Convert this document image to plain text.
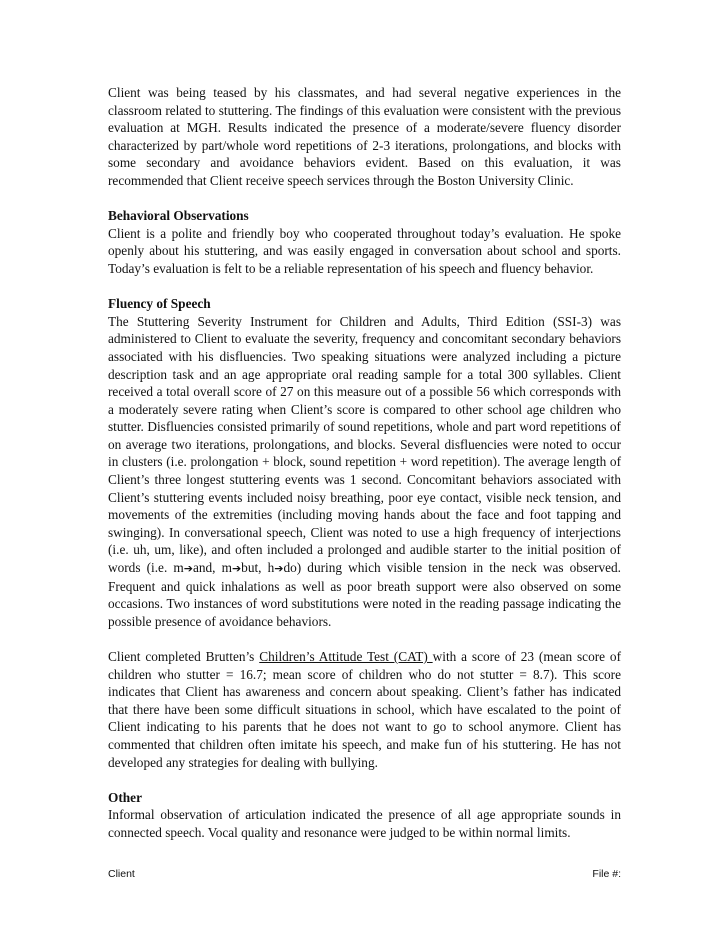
Client was being teased by his classmates, and had several negative experiences in the classroom related to stuttering. The findings of this evaluation were consistent with the previous evaluation at MGH. Results indicated the presence of a moderate/severe fluency disorder characterized by part/whole word repetitions of 2-3 iterations, prolongations, and blocks with some secondary and avoidance behaviors evident. Based on this evaluation, it was recommended that Client receive speech services through the Boston University Clinic.

Behavioral Observations

Client is a polite and friendly boy who cooperated throughout today’s evaluation. He spoke openly about his stuttering, and was easily engaged in conversation about school and sports. Today’s evaluation is felt to be a reliable representation of his speech and fluency behavior.

Fluency of Speech

The Stuttering Severity Instrument for Children and Adults, Third Edition (SSI-3) was administered to Client to evaluate the severity, frequency and concomitant secondary behaviors associated with his disfluencies. Two speaking situations were analyzed including a picture description task and an age appropriate oral reading sample for a total 300 syllables. Client received a total overall score of 27 on this measure out of a possible 56 which corresponds with a moderately severe rating when Client’s score is compared to other school age children who stutter. Disfluencies consisted primarily of sound repetitions, whole and part word repetitions of on average two iterations, prolongations, and blocks. Several disfluencies were noted to occur in clusters (i.e. prolongation + block, sound repetition + word repetition). The average length of Client’s three longest stuttering events was 1 second. Concomitant behaviors associated with Client’s stuttering events included noisy breathing, poor eye contact, visible neck tension, and movements of the extremities (including moving hands about the face and foot tapping and swinging). In conversational speech, Client was noted to use a high frequency of interjections (i.e. uh, um, like), and often included a prolonged and audible starter to the initial position of words (i.e. m➔and, m➔but, h➔do) during which visible tension in the neck was observed. Frequent and quick inhalations as well as poor breath support were also observed on some occasions. Two instances of word substitutions were noted in the reading passage indicating the possible presence of avoidance behaviors.

Client completed Brutten’s Children’s Attitude Test (CAT) with a score of 23 (mean score of children who stutter = 16.7; mean score of children who do not stutter = 8.7). This score indicates that Client has awareness and concern about speaking. Client’s father has indicated that there have been some difficult situations in school, which have escalated to the point of Client indicating to his parents that he does not want to go to school anymore. Client has commented that children often imitate his speech, and make fun of his stuttering. He has not developed any strategies for dealing with bullying.

Other

Informal observation of articulation indicated the presence of all age appropriate sounds in connected speech. Vocal quality and resonance were judged to be within normal limits.

Client	File #:
